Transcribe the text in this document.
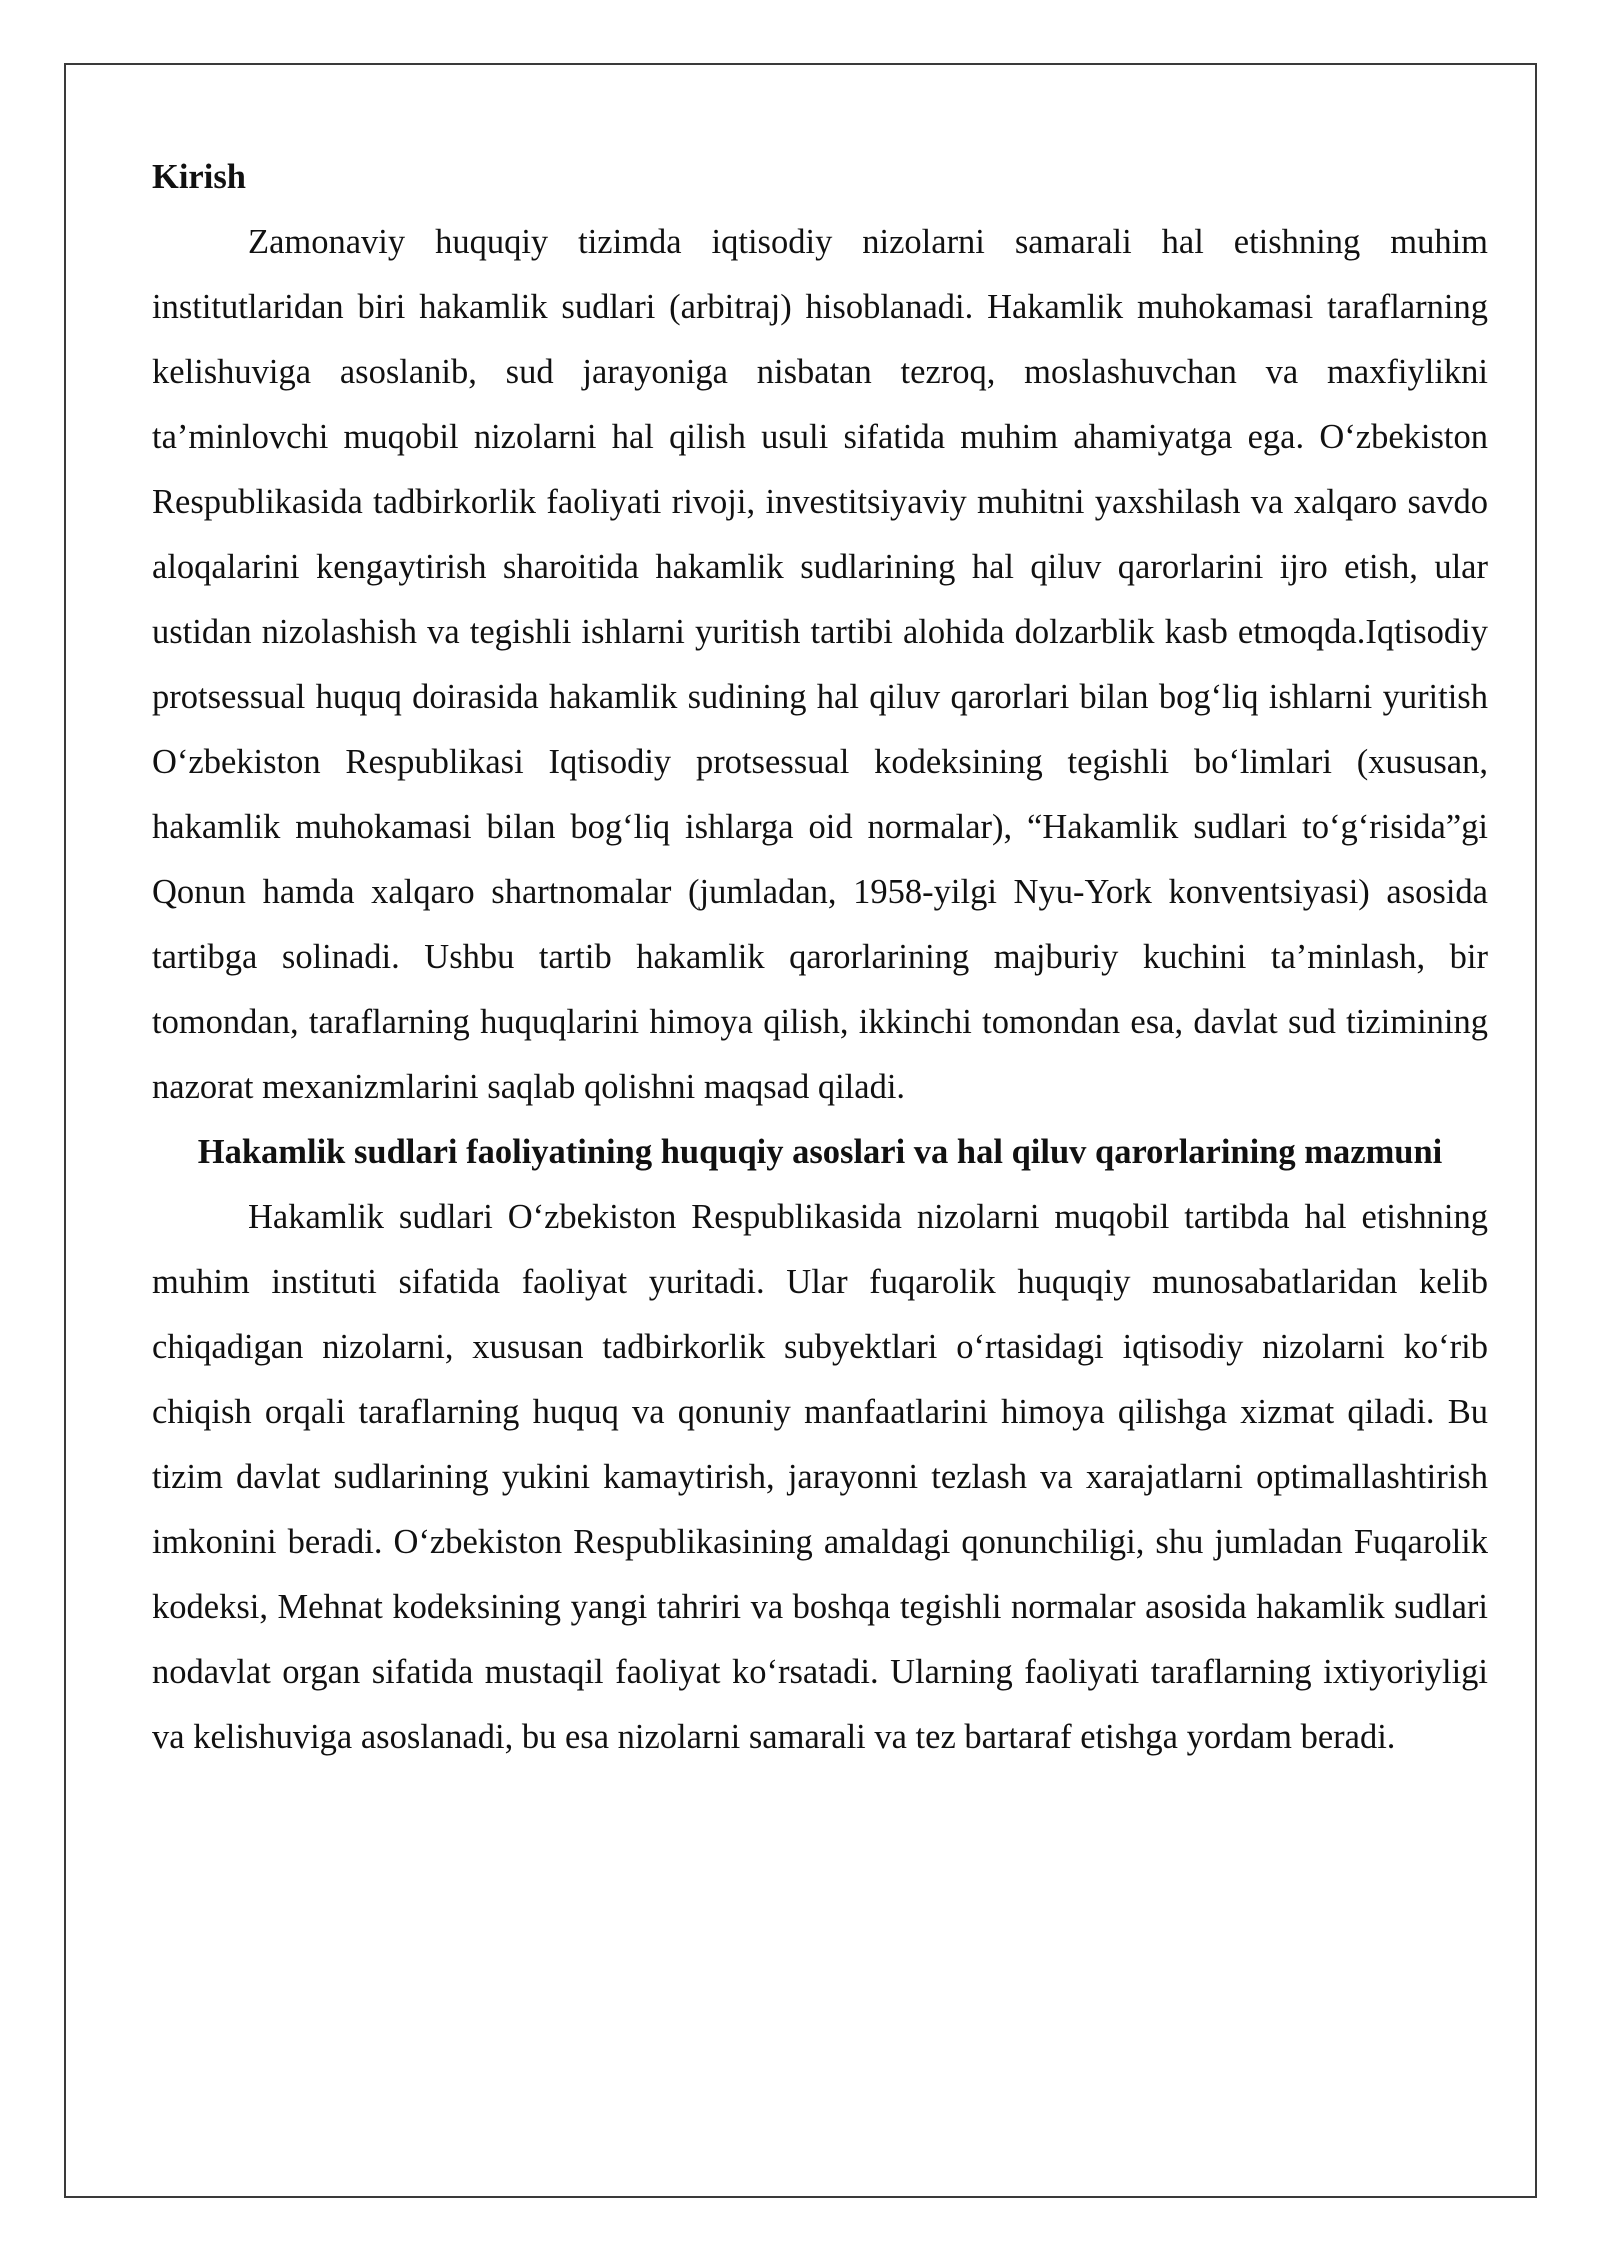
Kirish

Zamonaviy huquqiy tizimda iqtisodiy nizolarni samarali hal etishning muhim institutlaridan biri hakamlik sudlari (arbitraj) hisoblanadi. Hakamlik muhokamasi taraflarning kelishuviga asoslanib, sud jarayoniga nisbatan tezroq, moslashuvchan va maxfiylikni ta’minlovchi muqobil nizolarni hal qilish usuli sifatida muhim ahamiyatga ega. O‘zbekiston Respublikasida tadbirkorlik faoliyati rivoji, investitsiyaviy muhitni yaxshilash va xalqaro savdo aloqalarini kengaytirish sharoitida hakamlik sudlarining hal qiluv qarorlarini ijro etish, ular ustidan nizolashish va tegishli ishlarni yuritish tartibi alohida dolzarblik kasb etmoqda.Iqtisodiy protsessual huquq doirasida hakamlik sudining hal qiluv qarorlari bilan bog‘liq ishlarni yuritish O‘zbekiston Respublikasi Iqtisodiy protsessual kodeksining tegishli bo‘limlari (xususan, hakamlik muhokamasi bilan bog‘liq ishlarga oid normalar), “Hakamlik sudlari to‘g‘risida”gi Qonun hamda xalqaro shartnomalar (jumladan, 1958-yilgi Nyu-York konventsiyasi) asosida tartibga solinadi. Ushbu tartib hakamlik qarorlarining majburiy kuchini ta’minlash, bir tomondan, taraflarning huquqlarini himoya qilish, ikkinchi tomondan esa, davlat sud tizimining nazorat mexanizmlarini saqlab qolishni maqsad qiladi.

Hakamlik sudlari faoliyatining huquqiy asoslari va hal qiluv qarorlarining mazmuni

Hakamlik sudlari O‘zbekiston Respublikasida nizolarni muqobil tartibda hal etishning muhim instituti sifatida faoliyat yuritadi. Ular fuqarolik huquqiy munosabatlaridan kelib chiqadigan nizolarni, xususan tadbirkorlik subyektlari o‘rtasidagi iqtisodiy nizolarni ko‘rib chiqish orqali taraflarning huquq va qonuniy manfaatlarini himoya qilishga xizmat qiladi. Bu tizim davlat sudlarining yukini kamaytirish, jarayonni tezlash va xarajatlarni optimallashtirish imkonini beradi. O‘zbekiston Respublikasining amaldagi qonunchiligi, shu jumladan Fuqarolik kodeksi, Mehnat kodeksining yangi tahriri va boshqa tegishli normalar asosida hakamlik sudlari nodavlat organ sifatida mustaqil faoliyat ko‘rsatadi. Ularning faoliyati taraflarning ixtiyoriyligi va kelishuviga asoslanadi, bu esa nizolarni samarali va tez bartaraf etishga yordam beradi.
